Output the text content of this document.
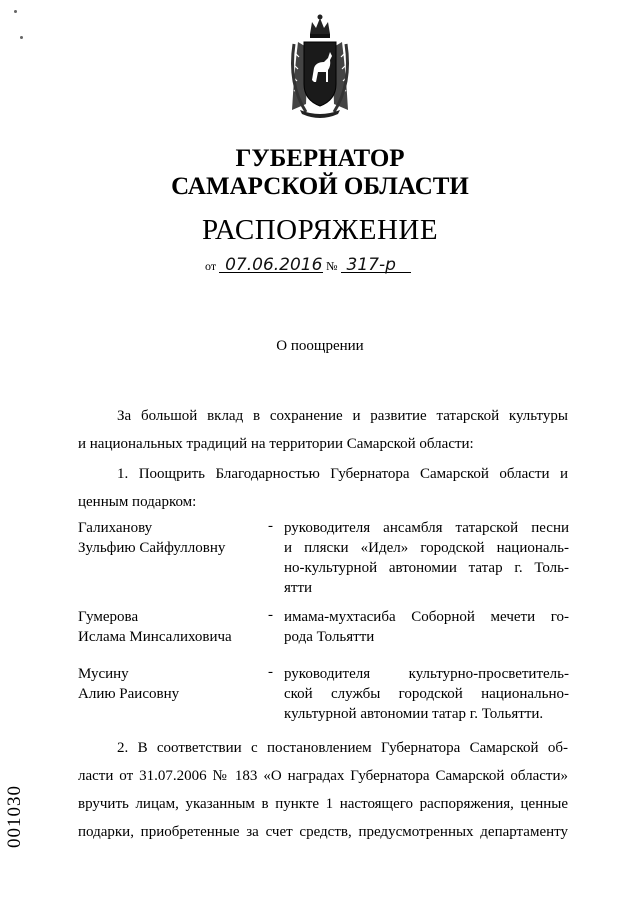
ГУБЕРНАТОР
САМАРСКОЙ ОБЛАСТИ
РАСПОРЯЖЕНИЕ
от 07.06.2016 № 317-р
О поощрении
За большой вклад в сохранение и развитие татарской культуры
и национальных традиций на территории Самарской области:
1. Поощрить Благодарностью Губернатора Самарской области и
ценным подарком:
Галиханову
Зульфию Сайфулловну
- руководителя ансамбля татарской песни
и пляски «Идел» городской националь-
но-культурной автономии татар г. Толь-
ятти
Гумерова
Ислама Минсалиховича
- имама-мухтасиба Соборной мечети го-
рода Тольятти
Мусину
Алию Раисовну
- руководителя культурно-просветитель-
ской службы городской национально-
культурной автономии татар г. Тольятти.
2. В соответствии с постановлением Губернатора Самарской об-
ласти от 31.07.2006 № 183 «О наградах Губернатора Самарской области»
вручить лицам, указанным в пункте 1 настоящего распоряжения, ценные
подарки, приобретенные за счет средств, предусмотренных департаменту
001030
